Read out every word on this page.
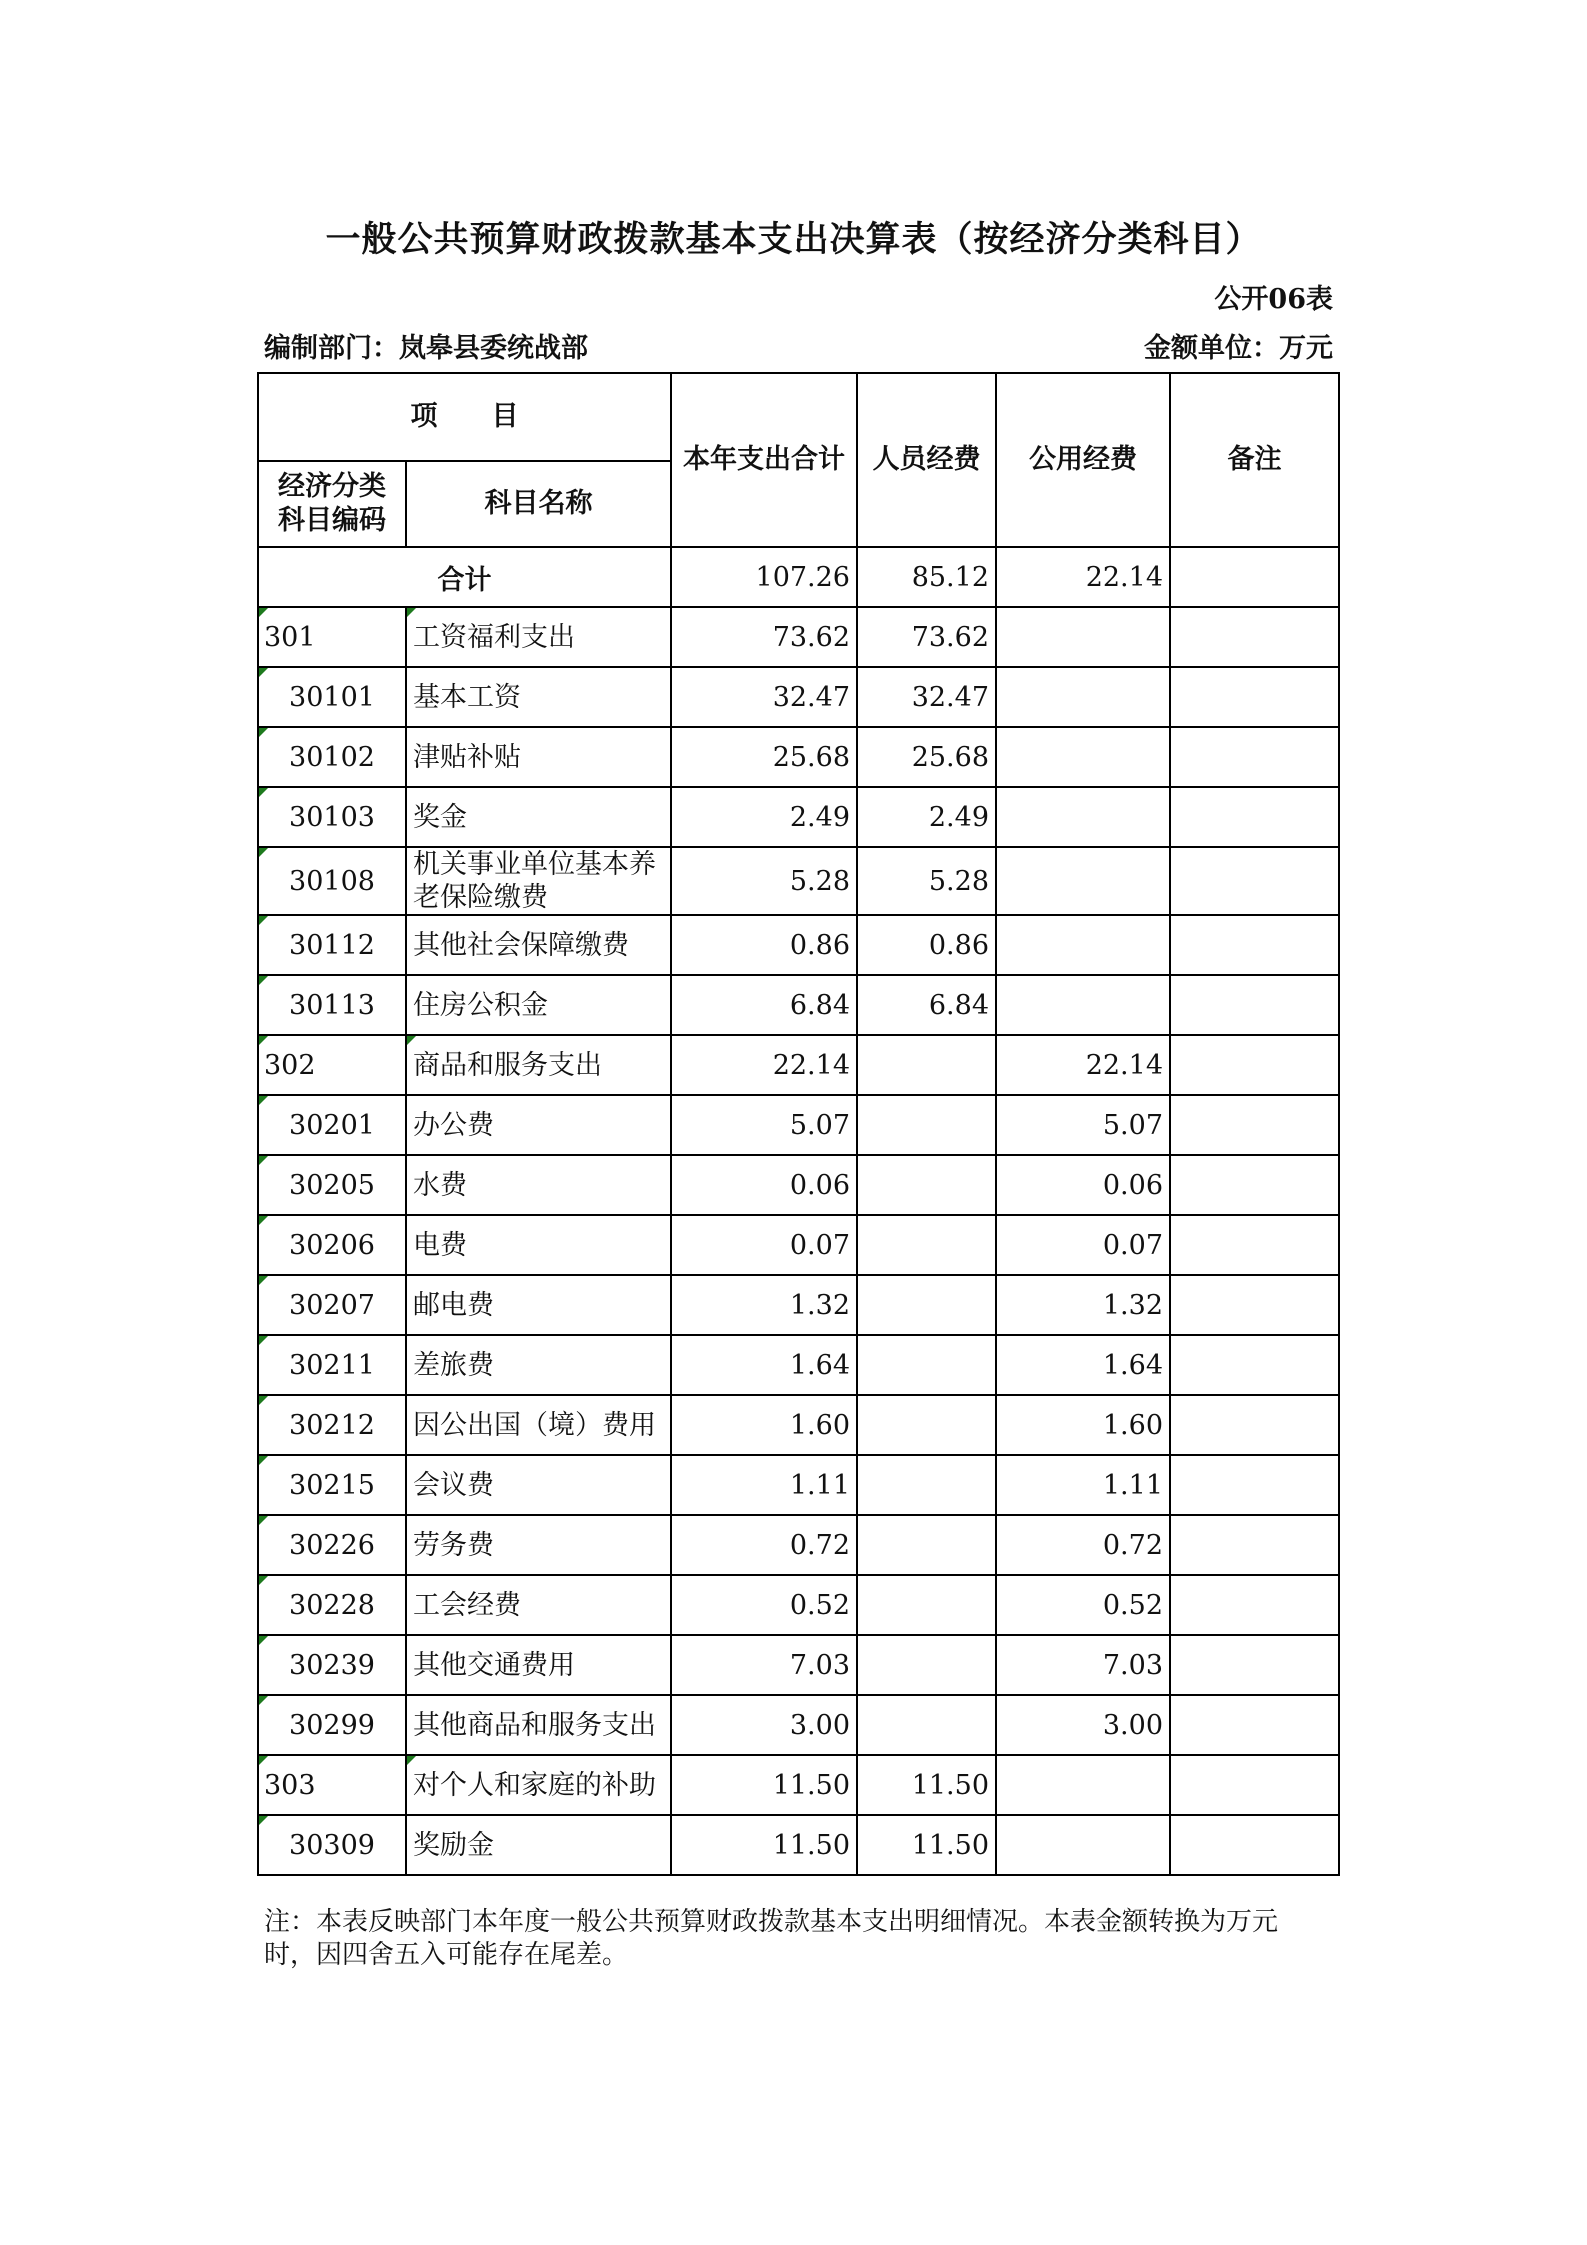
一般公共预算财政拨款基本支出决算表（按经济分类科目）
公开06表
编制部门：岚皋县委统战部	金额单位：万元
项　　目		本年支出合计	人员经费	公用经费	备注
经济分类科目编码	科目名称				
合计		107.26	85.12	22.14	

301	工资福利支出	73.62	73.62		

30101	基本工资	32.47	32.47		

30102	津贴补贴	25.68	25.68		

30103	奖金	2.49	2.49		

30108	机关事业单位基本养老保险缴费	5.28	5.28		

30112	其他社会保障缴费	0.86	0.86		

30113	住房公积金	6.84	6.84		

302	商品和服务支出	22.14		22.14	

30201	办公费	5.07		5.07	

30205	水费	0.06		0.06	

30206	电费	0.07		0.07	

30207	邮电费	1.32		1.32	

30211	差旅费	1.64		1.64	

30212	因公出国（境）费用	1.60		1.60	

30215	会议费	1.11		1.11	

30226	劳务费	0.72		0.72	

30228	工会经费	0.52		0.52	

30239	其他交通费用	7.03		7.03	

30299	其他商品和服务支出	3.00		3.00	

303	对个人和家庭的补助	11.50	11.50		

30309	奖励金	11.50	11.50		
注：本表反映部门本年度一般公共预算财政拨款基本支出明细情况。本表金额转换为万元时，因四舍五入可能存在尾差。
